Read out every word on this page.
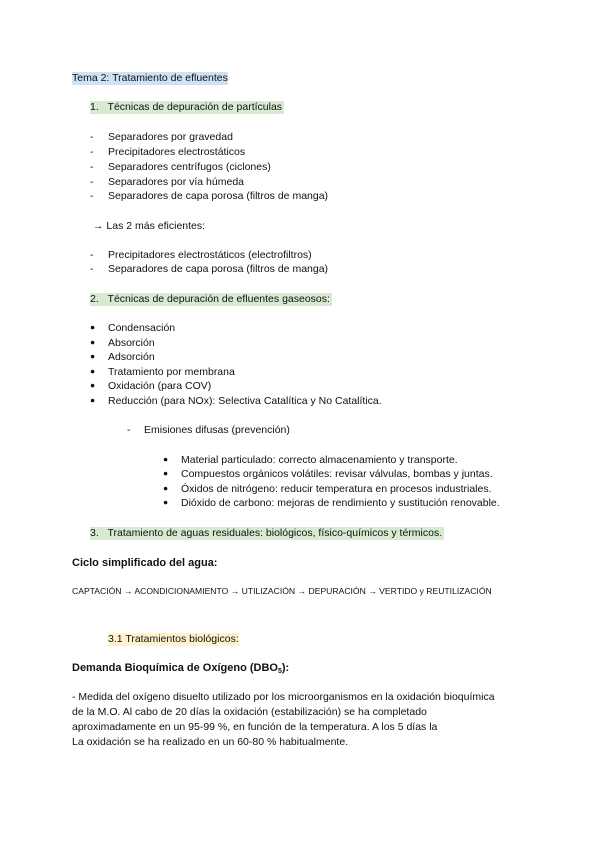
Tema 2: Tratamiento de efluentes
1. Técnicas de depuración de partículas
- Separadores por gravedad
- Precipitadores electrostáticos
- Separadores centrífugos (ciclones)
- Separadores por vía húmeda
- Separadores de capa porosa (filtros de manga)
→ Las 2 más eficientes:
- Precipitadores electrostáticos (electrofiltros)
- Separadores de capa porosa (filtros de manga)
2. Técnicas de depuración de efluentes gaseosos:
● Condensación
● Absorción
● Adsorción
● Tratamiento por membrana
● Oxidación (para COV)
● Reducción (para NOx): Selectiva Catalítica y No Catalítica.
- Emisiones difusas (prevención)
● Material particulado: correcto almacenamiento y transporte.
● Compuestos orgánicos volátiles: revisar válvulas, bombas y juntas.
● Óxidos de nitrógeno: reducir temperatura en procesos industriales.
● Dióxido de carbono: mejoras de rendimiento y sustitución renovable.
3. Tratamiento de aguas residuales: biológicos, físico-químicos y térmicos.
Ciclo simplificado del agua:
CAPTACIÓN → ACONDICIONAMIENTO → UTILIZACIÓN → DEPURACIÓN → VERTIDO y REUTILIZACIÓN
3.1 Tratamientos biológicos:
Demanda Bioquímica de Oxígeno $(DBO_5)$:
- Medida del oxígeno disuelto utilizado por los microorganismos en la oxidación bioquímica
de la M.O. Al cabo de 20 días la oxidación (estabilización) se ha completado
aproximadamente en un 95-99 %, en función de la temperatura. A los 5 días la
La oxidación se ha realizado en un 60-80 % habitualmente.
